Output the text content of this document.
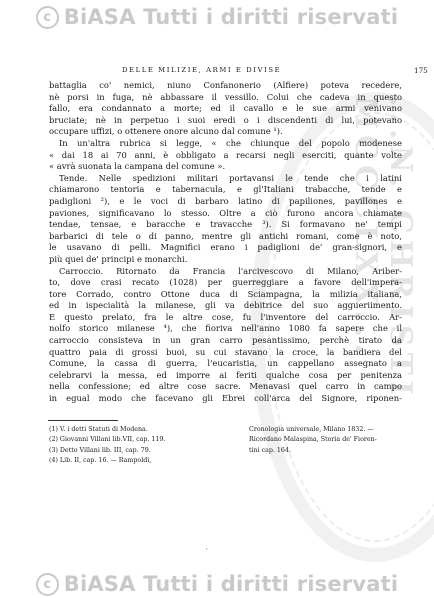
...N. CHRISTI MCCCLXX...
c BiASA Tutti i diritti riservati
DELLE MILIZIE, ARMI E DIVISE	175
battaglia co' nemici, niuno Confanonerio (Alfiere) poteva recedere,
nè porsi in fuga, nè abbassare il vessillo. Colui che cadeva in questo
fallo, era condannato a morte; ed il cavallo e le sue armi venivano
bruciate; nè in perpetuo i suoi eredi o i discendenti di lui, potevano
occupare uffizi, o ottenere onore alcuno dal comune ¹).
In un'altra rubrica si legge, « che chiunque del popolo modenese
« dai 18 ai 70 anni, è obbligato a recarsi negli eserciti, quante volte
« avrà suonata la campana del comune ».
Tende. Nelle spedizioni militari portavansi le tende che i latini
chiamarono tentoria e tabernacula, e gl'Italiani trabacche, tende e
padiglioni ²), e le voci di barbaro latino di papiliones, pavillones e
paviones, significavano lo stesso. Oltre a ciò furono ancora chiamate
tendae, tensae, e baracche e travacche ³). Si formavano ne' tempi
barbarici di tele o di panno, mentre gli antichi romani, come è noto,
le usavano di pelli. Magnifici erano i padiglioni de' gran-signori, e
più quei de' principi e monarchi.
Carroccio. Ritornato da Francia l'arcivescovo di Milano, Ariber-
to, dove crasi recato (1028) per guerreggiare a favore dell'impera-
tore Corrado, contro Ottone duca di Sciampagna, la milizia italiana,
ed in ispecialità la milanese, gli va debitrice del suo aggueriimento.
E questo prelato, fra le altre cose, fu l'inventore del carroccio. Ar-
nolfo storico milanese ⁴), che fioriva nell'anno 1080 fa sapere che il
carroccio consisteva in un gran carro pesantissimo, perchè tirato da
quattro paia di grossi buoi, su cui stavano la croce, la bandiera del
Comune, la cassa di guerra, l'eucaristia, un cappellano assegnato a
celebrarvi la messa, ed imporre ai feriti qualche cosa per penitenza
nella confessione; ed altre cose sacre. Menavasi quel carro in campo
in egual modo che facevano gli Ebrei coll'arca del Signore, riponen-
(1) V. i detti Statuti di Modena.
(2) Giovanni Villani lib.VII, cap. 119.
(3) Detto Villani lib. III, cap. 79.
(4) Lib. II, cap. 16. — Rampoldi,
Cronologia universale, Milano 1832. —
Ricordano Malaspina, Storia de' Fioren-
tini cap. 164.
'
c BiASA Tutti i diritti riservati
